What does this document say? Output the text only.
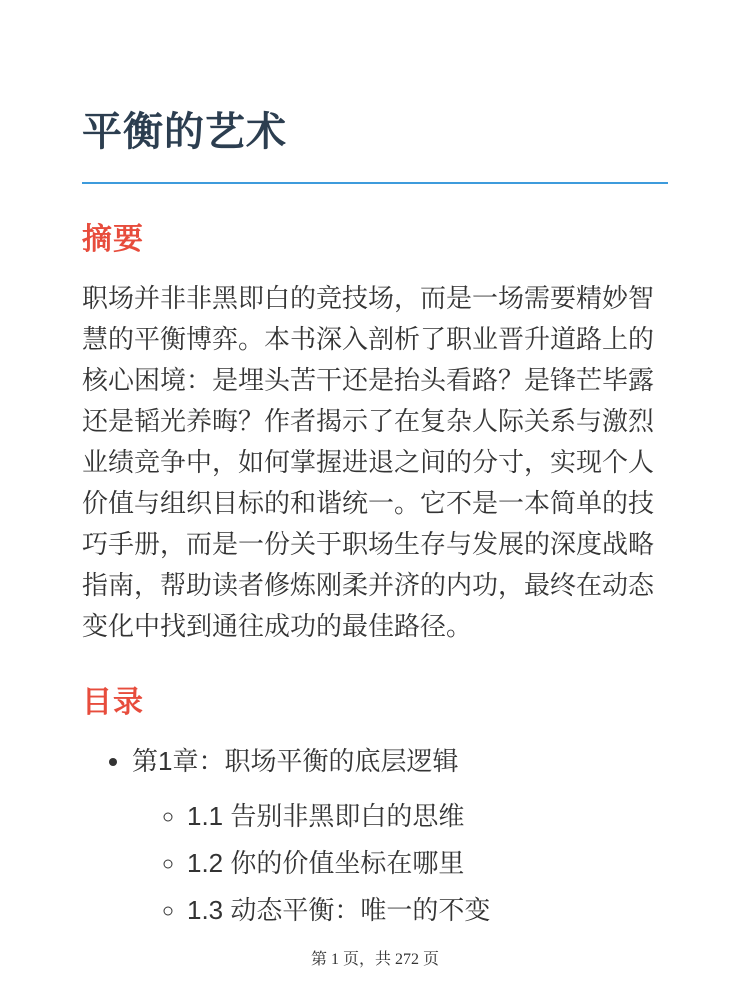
平衡的艺术
摘要

职场并非非黑即白的竞技场，而是一场需要精妙智慧的平衡博弈。本书深入剖析了职业晋升道路上的核心困境：是埋头苦干还是抬头看路？是锋芒毕露还是韬光养晦？作者揭示了在复杂人际关系与激烈业绩竞争中，如何掌握进退之间的分寸，实现个人价值与组织目标的和谐统一。它不是一本简单的技巧手册，而是一份关于职场生存与发展的深度战略指南，帮助读者修炼刚柔并济的内功，最终在动态变化中找到通往成功的最佳路径。

目录
• 第1章：职场平衡的底层逻辑
◦ 1.1 告别非黑即白的思维
◦ 1.2 你的价值坐标在哪里
◦ 1.3 动态平衡：唯一的不变
第 1 页，共 272 页
